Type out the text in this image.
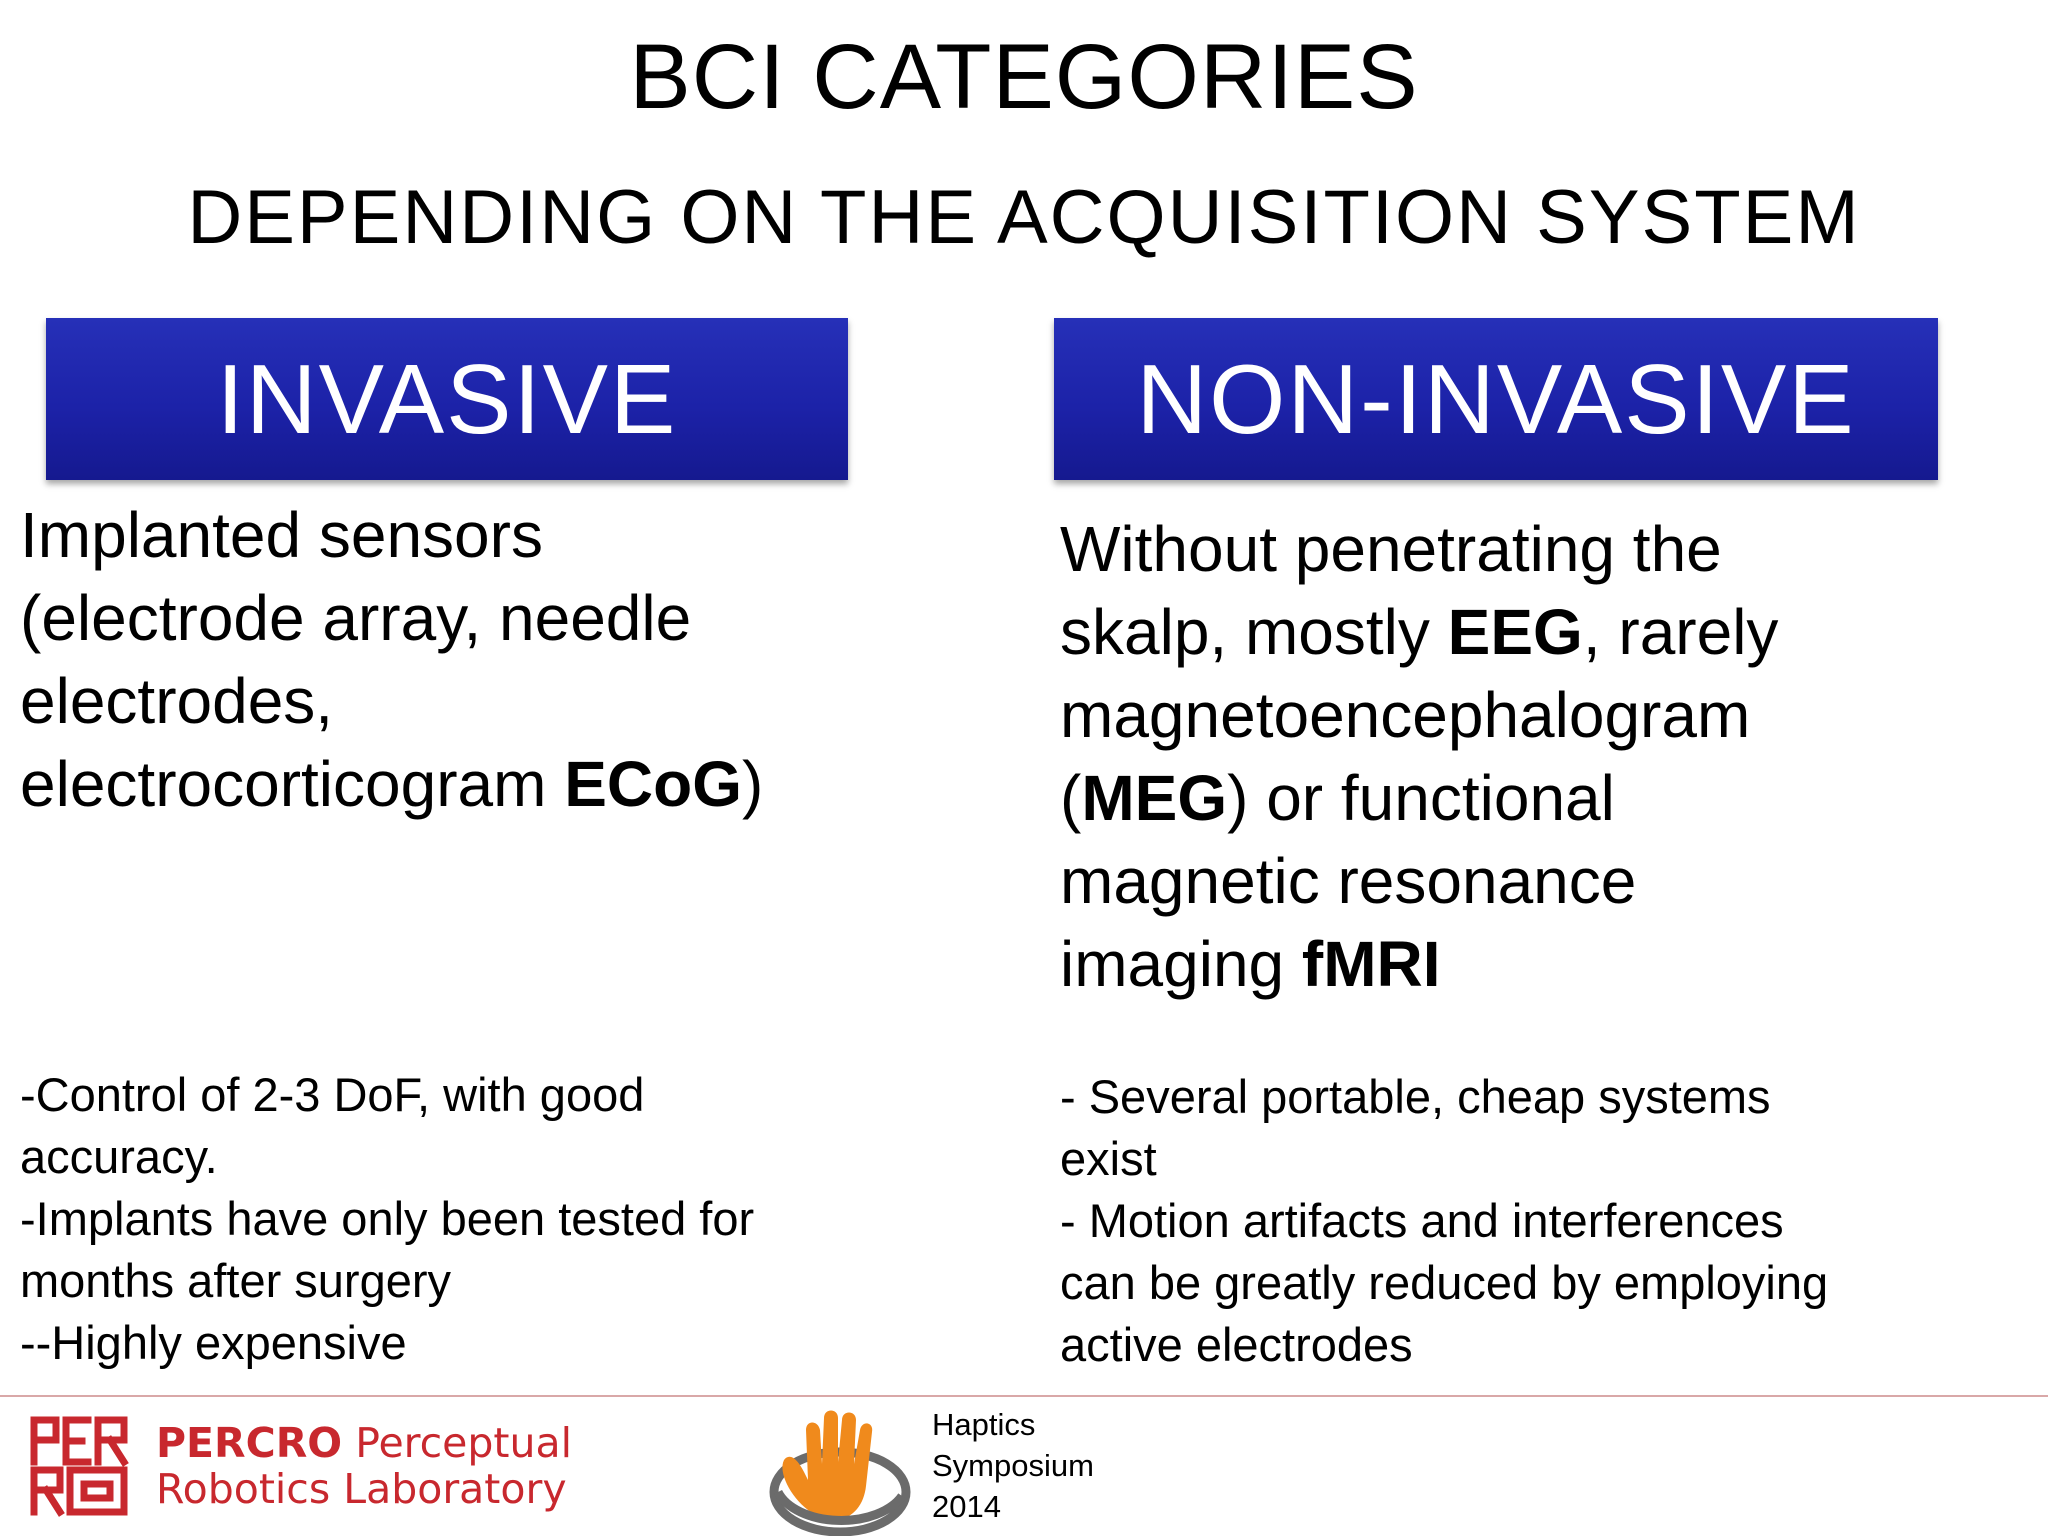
BCI CATEGORIES
DEPENDING ON THE ACQUISITION SYSTEM
INVASIVE	NON-INVASIVE
Implanted sensors
(electrode array, needle
electrodes,
electrocorticogram ECoG)
Without penetrating the
skalp, mostly EEG, rarely
magnetoencephalogram
(MEG) or functional
magnetic resonance
imaging fMRI
-Control of 2-3 DoF, with good
accuracy.
-Implants have only been tested for
months after surgery
--Highly expensive
- Several portable, cheap systems
exist
- Motion artifacts and interferences
can be greatly reduced by employing
active electrodes
PERCRO Perceptual
Robotics Laboratory
Haptics
Symposium
2014
